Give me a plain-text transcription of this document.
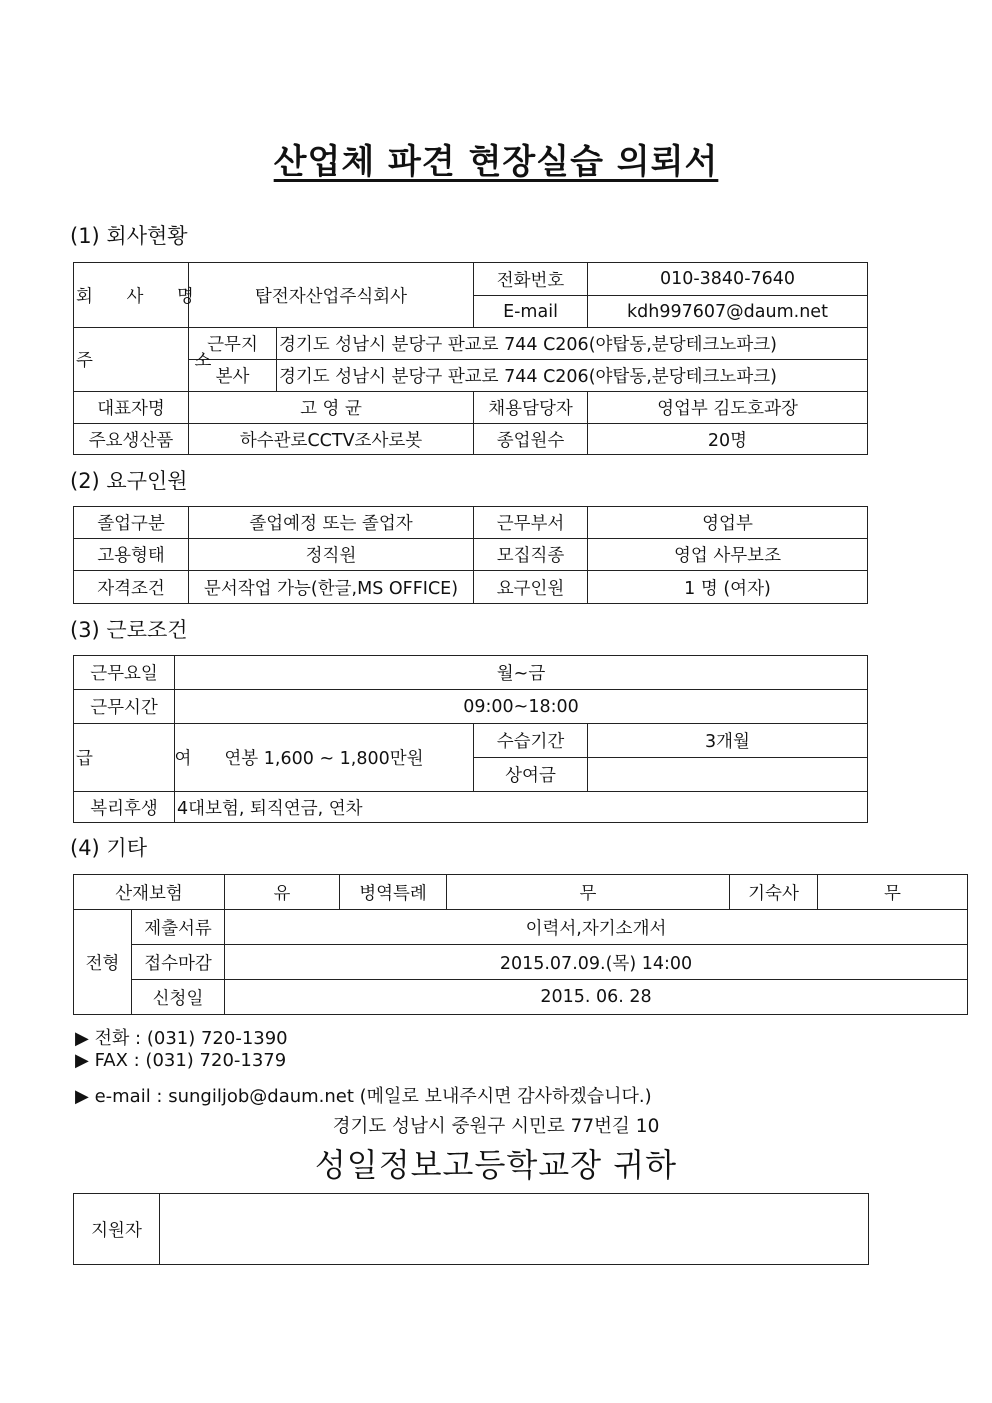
산업체 파견 현장실습 의뢰서
(1) 회사현황
회 사 명	탑전자산업주식회사		전화번호	010-3840-7640
			E-mail	kdh997607@daum.net
주 소	근무지	경기도 성남시 분당구 판교로 744 C206(야탑동,분당테크노파크)		
	본사	경기도 성남시 분당구 판교로 744 C206(야탑동,분당테크노파크)		
대표자명	고 영 균		채용담당자	영업부 김도호과장
주요생산품	하수관로CCTV조사로봇		종업원수	20명
(2) 요구인원
졸업구분	졸업예정 또는 졸업자	근무부서	영업부
고용형태	정직원	모집직종	영업 사무보조
자격조건	문서작업 가능(한글,MS OFFICE)	요구인원	1 명 (여자)
(3) 근로조건
근무요일	월~금		
근무시간	09:00~18:00		
급 여	연봉 1,600 ~ 1,800만원	수습기간	3개월
		상여금	
복리후생	4대보험, 퇴직연금, 연차		
(4) 기타
산재보험		유	병역특례	무	기숙사	무
전형	제출서류	이력서,자기소개서				
	접수마감	2015.07.09.(목) 14:00				
	신청일	2015. 06. 28				
▶ 전화 : (031) 720-1390
▶ FAX : (031) 720-1379
▶ e-mail : sungiljob@daum.net (메일로 보내주시면 감사하겠습니다.)
경기도 성남시 중원구 시민로 77번길 10
성일정보고등학교장 귀하
지원자	
